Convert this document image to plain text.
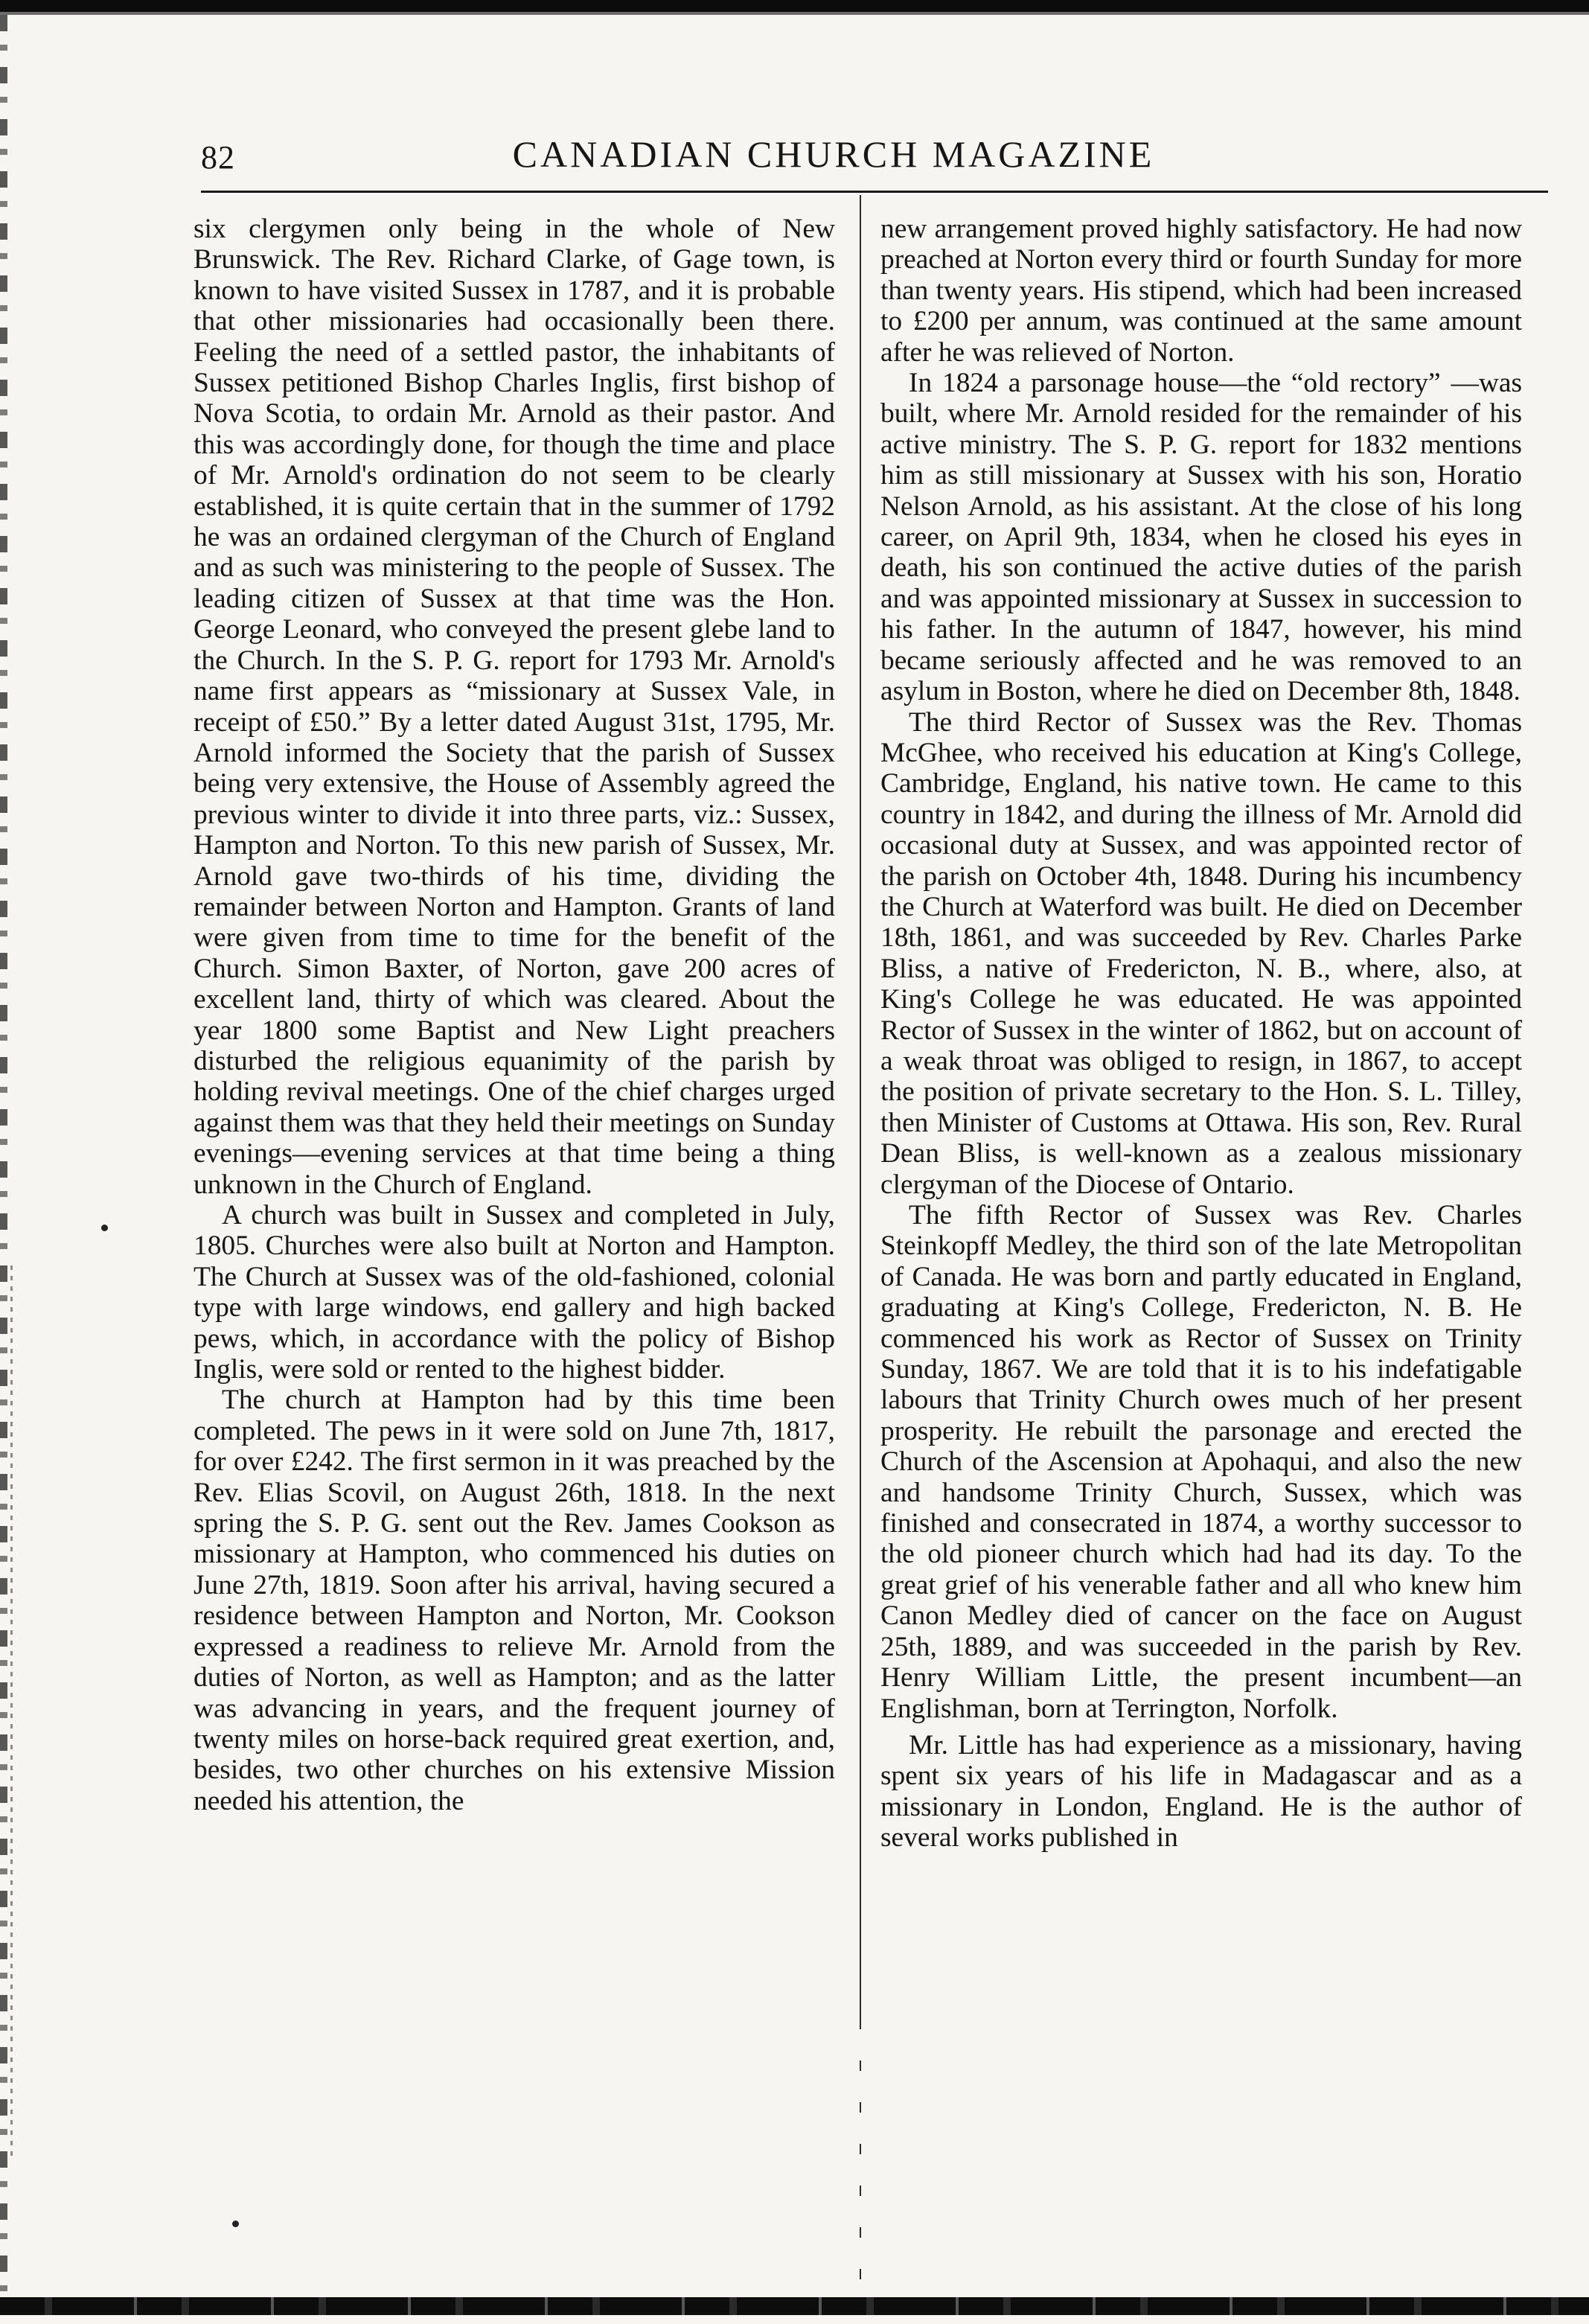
82	CANADIAN CHURCH MAGAZINE

six clergymen only being in the whole of New Brunswick. The Rev. Richard Clarke, of Gage town, is known to have visited Sussex in 1787, and it is probable that other missionaries had occasionally been there. Feeling the need of a settled pastor, the inhabitants of Sussex petitioned Bishop Charles Inglis, first bishop of Nova Scotia, to ordain Mr. Arnold as their pastor. And this was accordingly done, for though the time and place of Mr. Arnold's ordination do not seem to be clearly established, it is quite certain that in the summer of 1792 he was an ordained clergyman of the Church of England and as such was ministering to the people of Sussex. The leading citizen of Sussex at that time was the Hon. George Leonard, who conveyed the present glebe land to the Church. In the S. P. G. report for 1793 Mr. Arnold's name first appears as “missionary at Sussex Vale, in receipt of £50.” By a letter dated August 31st, 1795, Mr. Arnold informed the Society that the parish of Sussex being very extensive, the House of Assembly agreed the previous winter to divide it into three parts, viz.: Sussex, Hampton and Norton. To this new parish of Sussex, Mr. Arnold gave two-thirds of his time, dividing the remainder between Norton and Hampton. Grants of land were given from time to time for the benefit of the Church. Simon Baxter, of Norton, gave 200 acres of excellent land, thirty of which was cleared. About the year 1800 some Baptist and New Light preachers disturbed the religious equanimity of the parish by holding revival meetings. One of the chief charges urged against them was that they held their meetings on Sunday evenings—evening services at that time being a thing unknown in the Church of England.

A church was built in Sussex and completed in July, 1805. Churches were also built at Norton and Hampton. The Church at Sussex was of the old-fashioned, colonial type with large windows, end gallery and high backed pews, which, in accordance with the policy of Bishop Inglis, were sold or rented to the highest bidder.

The church at Hampton had by this time been completed. The pews in it were sold on June 7th, 1817, for over £242. The first sermon in it was preached by the Rev. Elias Scovil, on August 26th, 1818. In the next spring the S. P. G. sent out the Rev. James Cookson as missionary at Hampton, who commenced his duties on June 27th, 1819. Soon after his arrival, having secured a residence between Hampton and Norton, Mr. Cookson expressed a readiness to relieve Mr. Arnold from the duties of Norton, as well as Hampton; and as the latter was advancing in years, and the frequent journey of twenty miles on horse-back required great exertion, and, besides, two other churches on his extensive Mission needed his attention, the

new arrangement proved highly satisfactory. He had now preached at Norton every third or fourth Sunday for more than twenty years. His stipend, which had been increased to £200 per annum, was continued at the same amount after he was relieved of Norton.

In 1824 a parsonage house—the “old rectory” —was built, where Mr. Arnold resided for the remainder of his active ministry. The S. P. G. report for 1832 mentions him as still missionary at Sussex with his son, Horatio Nelson Arnold, as his assistant. At the close of his long career, on April 9th, 1834, when he closed his eyes in death, his son continued the active duties of the parish and was appointed missionary at Sussex in succession to his father. In the autumn of 1847, however, his mind became seriously affected and he was removed to an asylum in Boston, where he died on December 8th, 1848.

The third Rector of Sussex was the Rev. Thomas McGhee, who received his education at King's College, Cambridge, England, his native town. He came to this country in 1842, and during the illness of Mr. Arnold did occasional duty at Sussex, and was appointed rector of the parish on October 4th, 1848. During his incumbency the Church at Waterford was built. He died on December 18th, 1861, and was succeeded by Rev. Charles Parke Bliss, a native of Fredericton, N. B., where, also, at King's College he was educated. He was appointed Rector of Sussex in the winter of 1862, but on account of a weak throat was obliged to resign, in 1867, to accept the position of private secretary to the Hon. S. L. Tilley, then Minister of Customs at Ottawa. His son, Rev. Rural Dean Bliss, is well-known as a zealous missionary clergyman of the Diocese of Ontario.

The fifth Rector of Sussex was Rev. Charles Steinkopff Medley, the third son of the late Metropolitan of Canada. He was born and partly educated in England, graduating at King's College, Fredericton, N. B. He commenced his work as Rector of Sussex on Trinity Sunday, 1867. We are told that it is to his indefatigable labours that Trinity Church owes much of her present prosperity. He rebuilt the parsonage and erected the Church of the Ascension at Apohaqui, and also the new and handsome Trinity Church, Sussex, which was finished and consecrated in 1874, a worthy successor to the old pioneer church which had had its day. To the great grief of his venerable father and all who knew him Canon Medley died of cancer on the face on August 25th, 1889, and was succeeded in the parish by Rev. Henry William Little, the present incumbent—an Englishman, born at Terrington, Norfolk.

Mr. Little has had experience as a missionary, having spent six years of his life in Madagascar and as a missionary in London, England. He is the author of several works published in
